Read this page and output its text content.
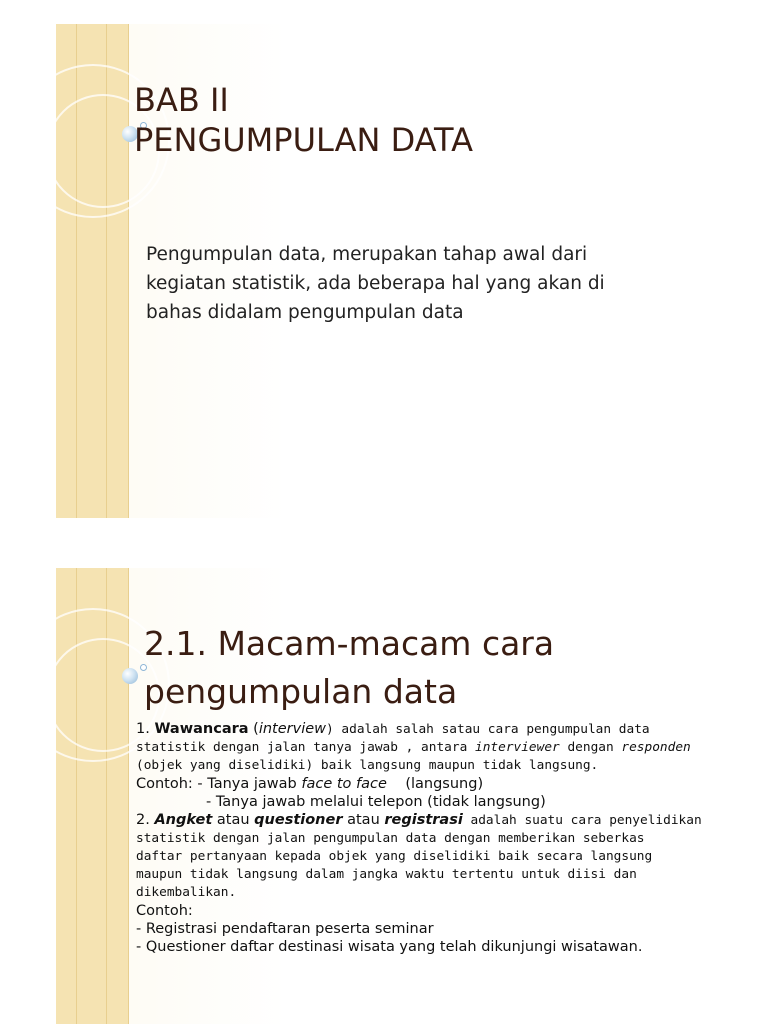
BAB II
PENGUMPULAN DATA

Pengumpulan data, merupakan tahap awal dari
kegiatan statistik, ada beberapa hal yang akan di
bahas didalam pengumpulan data

2.1. Macam-macam cara
pengumpulan data

1. Wawancara (interview) adalah salah satau cara pengumpulan data

statistik dengan jalan tanya jawab , antara interviewer dengan responden

(objek yang diselidiki) baik langsung maupun tidak langsung.

Contoh: - Tanya jawab face to face    (langsung)

- Tanya jawab melalui telepon (tidak langsung)

2. Angket atau questioner atau registrasi adalah suatu cara penyelidikan

statistik dengan jalan pengumpulan data dengan memberikan seberkas

daftar pertanyaan kepada objek yang diselidiki baik secara langsung

maupun tidak langsung dalam jangka waktu tertentu untuk diisi dan

dikembalikan.

Contoh:

- Registrasi pendaftaran peserta seminar

- Questioner daftar destinasi wisata yang telah dikunjungi wisatawan.
